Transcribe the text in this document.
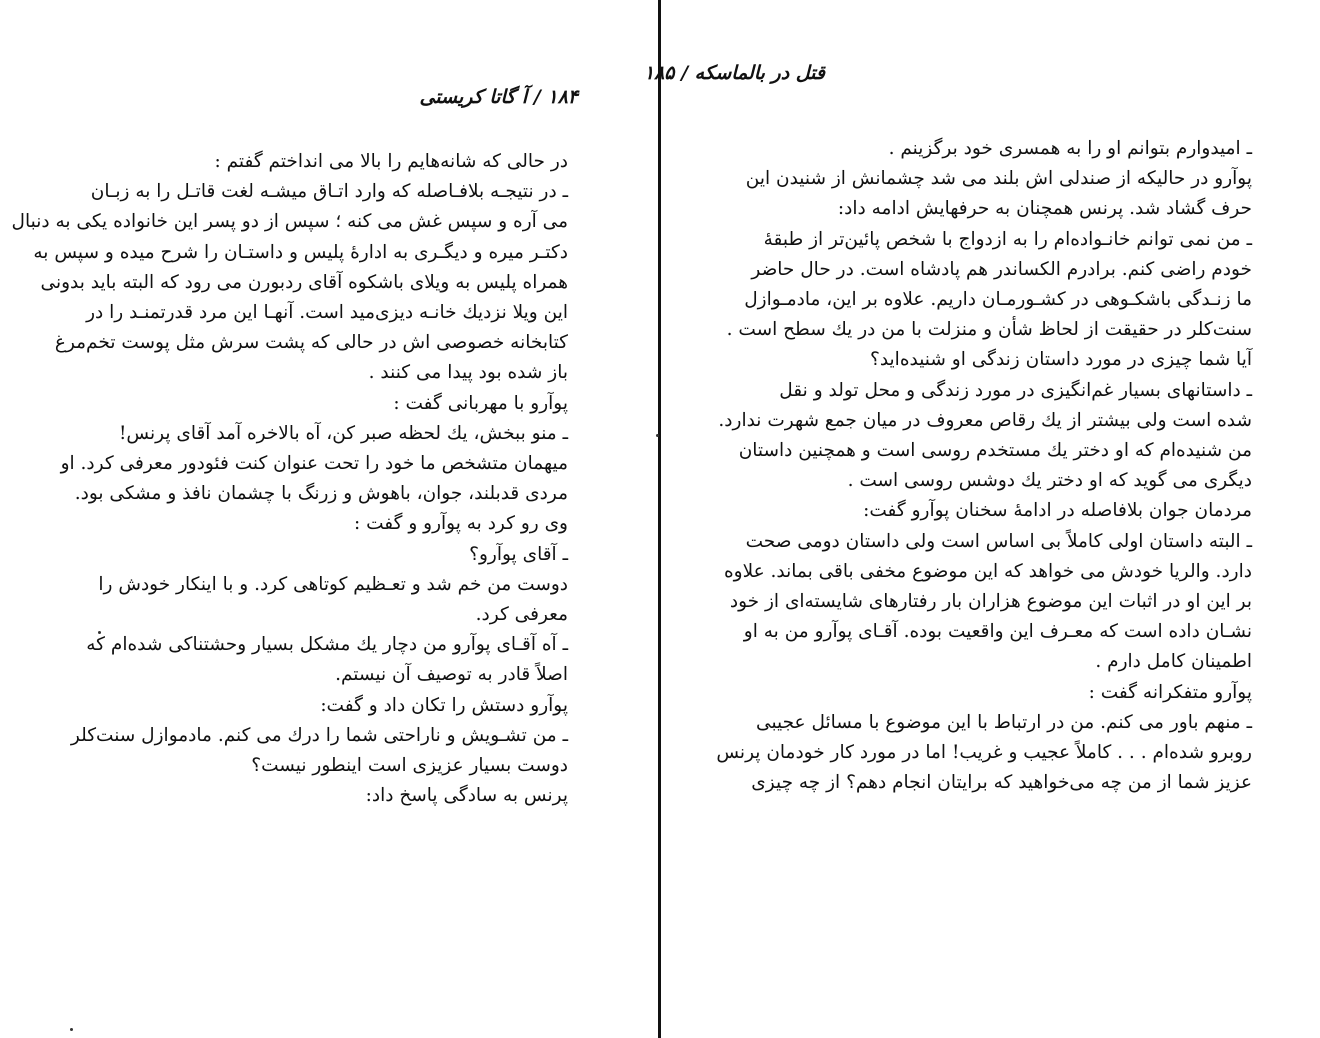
۱۸۴ / آ گاتا کریستی
در حالی که شانه‌هایم را بالا می انداختم گفتم :
ـ در نتیجـه بلافـاصله که وارد اتـاق میشـه لغت قاتـل را به زبـان
می آره و سپس غش می کنه ؛ سپس از دو پسر این خانواده یکی به دنبال
دکتـر میره و دیگـری به ادارهٔ پلیس و داستـان را شرح میده و سپس به
همراه پلیس به ویلای باشکوه آقای ردبورن می رود که البته باید بدونی
این ویلا نزدیك خانـه دیزی‌مید است. آنهـا این مرد قدرتمنـد را در
کتابخانه خصوصی اش در حالی که پشت سرش مثل پوست تخم‌مرغ
باز شده بود پیدا می کنند .
پوآرو با مهربانی گفت :
ـ منو ببخش، یك لحظه صبر کن، آه بالاخره آمد آقای پرنس!
میهمان متشخص ما خود را تحت عنوان کنت فئودور معرفی کرد. او
مردی قدبلند، جوان، باهوش و زرنگ با چشمان نافذ و مشکی بود.
وی رو کرد به پوآرو و گفت :
ـ آقای پوآرو؟
دوست من خم شد و تعـظیم کوتاهی کرد. و با اینکار خودش را
معرفی کرد.
ـ آه آقـای پوآرو من دچار یك مشکل بسیار وحشتناکی شده‌ام که
اصلاً قادر به توصیف آن نیستم.
پوآرو دستش را تکان داد و گفت:
ـ من تشـویش و ناراحتی شما را درك می کنم. مادموازل سنت‌کلر
دوست بسیار عزیزی است اینطور نیست؟
پرنس به سادگی پاسخ داد:
قتل در بالماسکه / ۱۸۵
ـ امیدوارم بتوانم او را به همسری خود برگزینم .
پوآرو در حالیکه از صندلی اش بلند می شد چشمانش از شنیدن این
حرف گشاد شد. پرنس همچنان به حرفهایش ادامه داد:
ـ من نمی توانم خانـواده‌ام را به ازدواج با شخص پائین‌تر از طبقهٔ
خودم راضی کنم. برادرم الکساندر هم پادشاه است. در حال حاضر
ما زنـدگی باشکـوهی در کشـورمـان داریم. علاوه بر این، مادمـوازل
سنت‌کلر در حقیقت از لحاظ شأن و منزلت با من در یك سطح است .
آیا شما چیزی در مورد داستان زندگی او شنیده‌اید؟
ـ داستانهای بسیار غم‌انگیزی در مورد زندگی و محل تولد و نقل
شده است ولی بیشتر از یك رقاص معروف در میان جمع شهرت ندارد.
من شنیده‌ام که او دختر یك مستخدم روسی است و همچنین داستان
دیگری می گوید که او دختر یك دوشس روسی است .
مردمان جوان بلافاصله در ادامهٔ سخنان پوآرو گفت:
ـ البته داستان اولی کاملاً بی اساس است ولی داستان دومی صحت
دارد. والریا خودش می خواهد که این موضوع مخفی باقی بماند. علاوه
بر این او در اثبات این موضوع هزاران بار رفتارهای شایسته‌ای از خود
نشـان داده است که معـرف این واقعیت بوده. آقـای پوآرو من به او
اطمینان کامل دارم .
پوآرو متفکرانه گفت :
ـ منهم باور می کنم. من در ارتباط با این موضوع با مسائل عجیبی
روبرو شده‌ام . . . کاملاً عجیب و غریب! اما در مورد کار خودمان پرنس
عزیز شما از من چه می‌خواهید که برایتان انجام دهم؟ از چه چیزی
